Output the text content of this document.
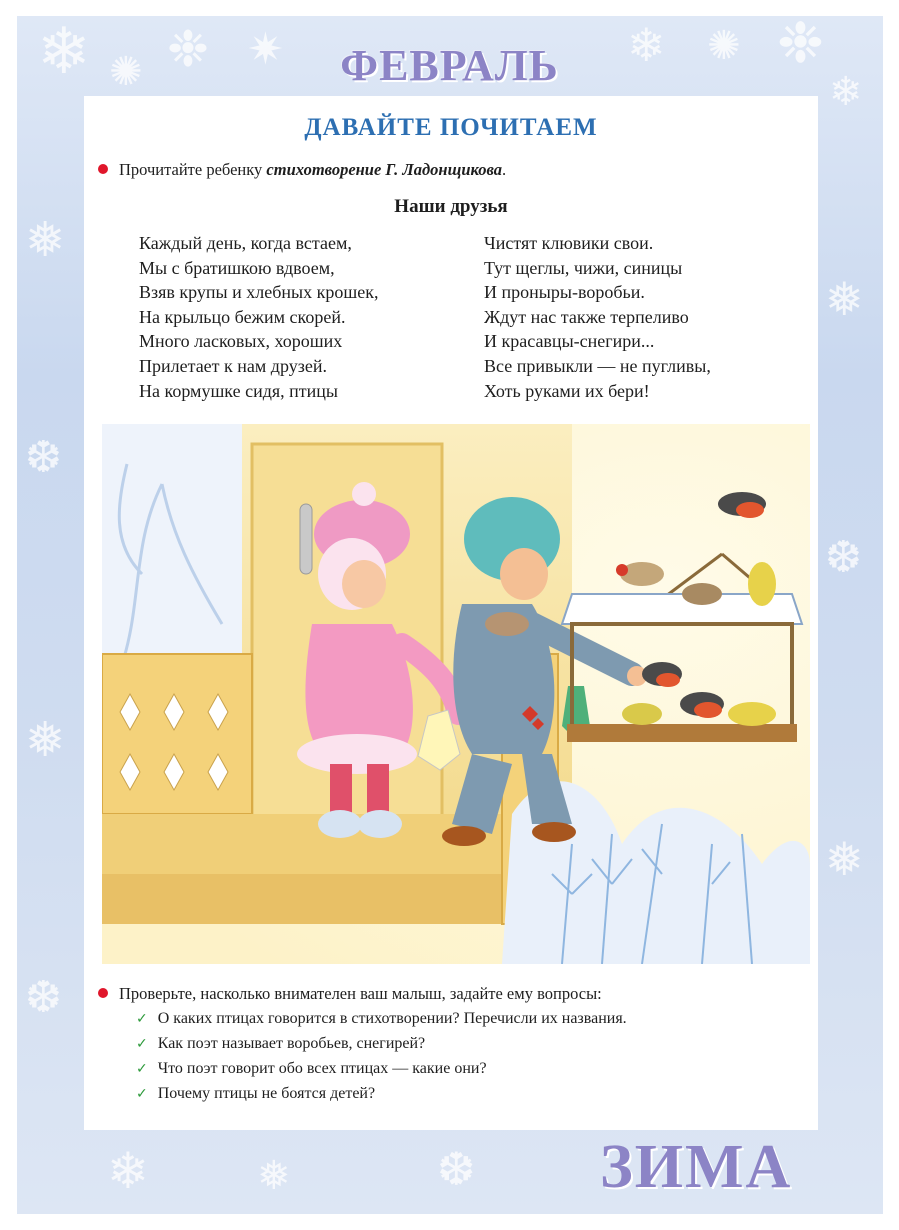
❄ ✺ ❉ ✷	❄ ✺ ❉
❄
❅
❆
❅
❆
❅
❆
❅
❄	❅	❆
ФЕВРАЛЬ
ДАВАЙТЕ ПОЧИТАЕМ
Прочитайте ребенку стихотворение Г. Ладонщикова.
Наши друзья
Каждый день, когда встаем,
Мы с братишкою вдвоем,
Взяв крупы и хлебных крошек,
На крыльцо бежим скорей.
Много ласковых, хороших
Прилетает к нам друзей.
На кормушке сидя, птицы
Чистят клювики свои.
Тут щеглы, чижи, синицы
И проныры-воробьи.
Ждут нас также терпеливо
И красавцы-снегири...
Все привыкли — не пугливы,
Хоть руками их бери!
Проверьте, насколько внимателен ваш малыш, задайте ему вопросы:
✓ О каких птицах говорится в стихотворении? Перечисли их названия.
✓ Как поэт называет воробьев, снегирей?
✓ Что поэт говорит обо всех птицах — какие они?
✓ Почему птицы не боятся детей?
ЗИМА
